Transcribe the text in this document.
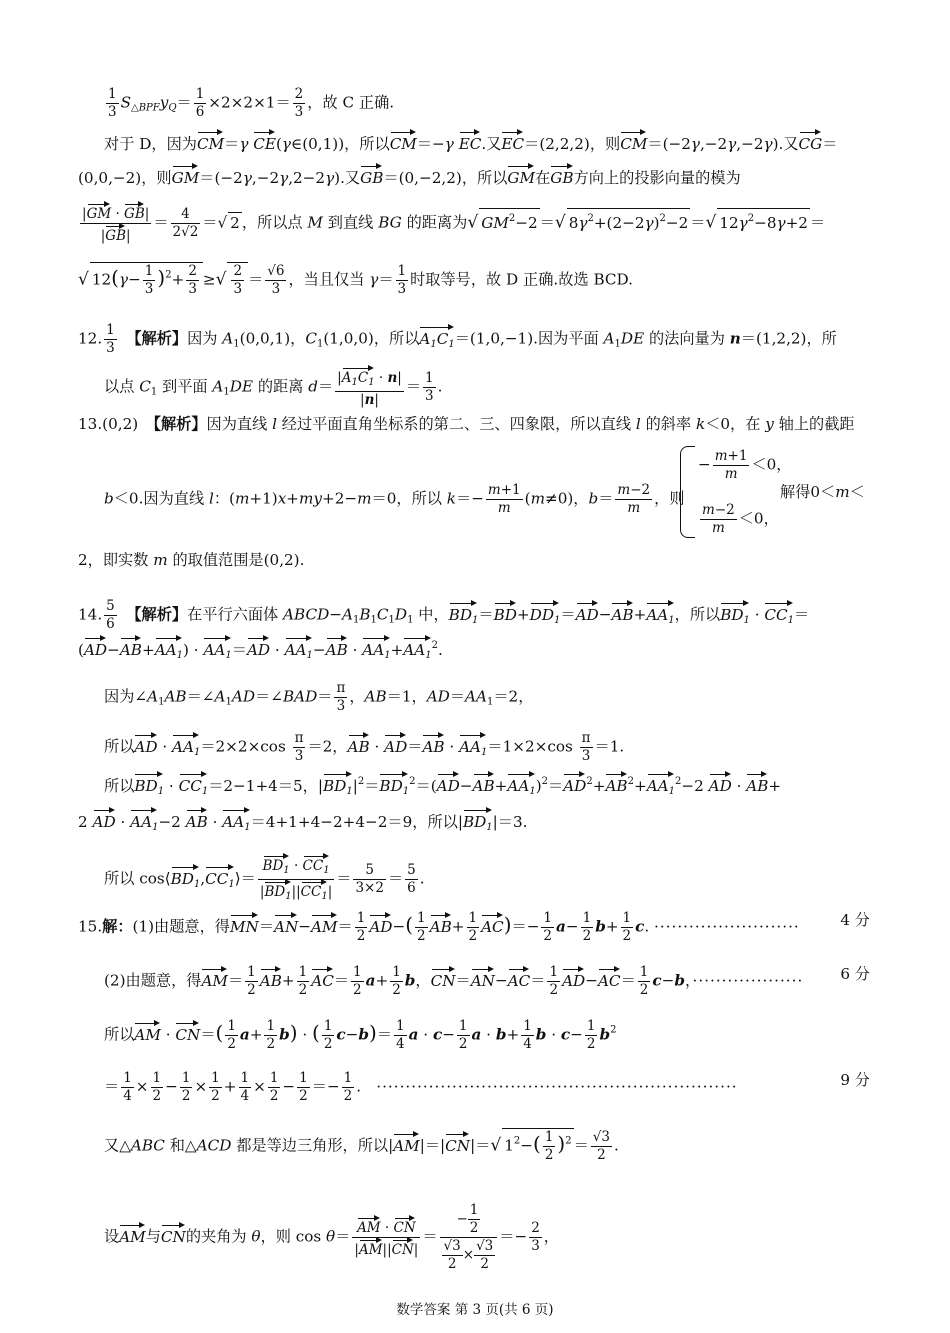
$\frac{1}{3} S_{\triangle BPF}y_Q= \frac{1}{6} \times 2\times 2\times 1= \frac{2}{3}$ ，故 C 正确.
对于 D，因为CM＝γ CE(γ∈(0,1))，所以CM＝−γ EC.又EC＝(2,2,2)，则CM＝(−2γ,−2γ,−2γ).又CG＝
(0,0,−2)，则GM＝(−2γ,−2γ,2−2γ).又GB＝(0,−2,2)，所以GM在GB方向上的投影向量的模为
$\frac{|GM \cdot GB|}{|GB|} = \frac{4}{2√2}$ ＝√ 2 ，所以点 M 到直线 BG 的距离为√ $GM^2-2$ ＝√ $8\gamma^2+(2-2\gamma)^2-2$ ＝√ $12\gamma^2-8\gamma+2$ ＝
√ $12(\gamma- \frac{1}{3} )^2+ \frac{2}{3}$ ≥√ $\frac{2}{3} = \frac{√6}{3}$ ，当且仅当 $\gamma= \frac{1}{3}$ 时取等号，故 D 正确.故选 BCD.
12. $\frac{1}{3}$
　 【解析】因为 $A_1(0,0,1)$，$C_1(1,0,0)$，所以$A_1C_1=(1,0,-1)$.因为平面 $A_1DE$ 的法向量为 n＝(1,2,2)，所
以点 $C_1$ 到平面 $A_1DE$ 的距离 $d= \frac{|A_1C_1 \cdot n|}{|n|} = \frac{1}{3}$ .
13.(0,2)　【解析】因为直线 l 经过平面直角坐标系的第二、三、四象限，所以直线 l 的斜率 k＜0，在 y 轴上的截距
b＜0.因为直线 l：(m+1)x+my+2−m＝0，所以 $k=- \frac{m+1}{m} (m\ne 0)$，$b= \frac{m-2}{m}$ ，则
− $\frac{m+1}{m} <0$，
$\frac{m-2}{m} <0$，
解得0＜m＜
2，即实数 m 的取值范围是(0,2).
14. $\frac{5}{6}$
　 【解析】在平行六面体 $ABCD-A_1B_1C_1D_1$ 中，$BD_1=BD+DD_1=AD-AB+AA_1$，所以$BD_1 \cdot CC_1=$
$(AD-AB+AA_1) \cdot AA_1=AD \cdot AA_1-AB \cdot AA_1+AA_1^2$.
因为$\angle A_1AB=\angle A_1AD=\angle BAD= \frac{\pi}{3}$ ，AB＝1，$AD=AA_1=2$，
所以AD · $AA_1=2\times 2\times\cos \frac{\pi}{3} =2$，AB · $AD=AB \cdot AA_1=1\times 2\times\cos \frac{\pi}{3} =1$.
所以$BD_1 \cdot CC_1=2-1+4=5$，$|BD_1|^2=BD_1^2=(AD-AB+AA_1)^2=AD^2+AB^2+AA_1^2-2$ AD · AB+
2 AD · $AA_1-2$ AB · $AA_1=4+1+4-2+4-2=9$，所以$|BD_1|=3$.
所以 $\cos⟨BD_1,CC_1⟩= \frac{BD_1 \cdot CC_1}{|BD_1||CC_1|} = \frac{5}{3\times 2} = \frac{5}{6}$ .
15.解：(1)由题意，得$MN=AN-AM= \frac{1}{2} AD-( \frac{1}{2} AB+ \frac{1}{2} AC)=- \frac{1}{2} a- \frac{1}{2} b+ \frac{1}{2} c$. ·························	4 分
(2)由题意，得$AM= \frac{1}{2} AB+ \frac{1}{2} AC= \frac{1}{2} a+ \frac{1}{2}$ b，$CN=AN-AC= \frac{1}{2} AD-AC= \frac{1}{2} c-b$，··················· 6 分
所以AM · $CN=( \frac{1}{2} a+ \frac{1}{2} b)$ · ( $\frac{1}{2} c-b)= \frac{1}{4}$ $a \cdot c- \frac{1}{2}$ $a \cdot b+ \frac{1}{4}$ $b \cdot c- \frac{1}{2} b^2$
＝ $\frac{1}{4} \times \frac{1}{2} - \frac{1}{2} \times \frac{1}{2} + \frac{1}{4} \times \frac{1}{2} - \frac{1}{2} =- \frac{1}{2}$ .　······························································	9 分
又△ABC 和△ACD 都是等边三角形，所以|AM|＝|CN|＝√ $1^2-( \frac{1}{2} )^2 = \frac{√3}{2}$ .
设AM与CN的夹角为 θ，则 $\cos \theta= \frac{AM \cdot CN}{|AM||CN|} = \frac{- \frac{1}{2}}{\frac{√3}{2} \times \frac{√3}{2}} =- \frac{2}{3}$ ，
数学答案 第 3 页(共 6 页)
